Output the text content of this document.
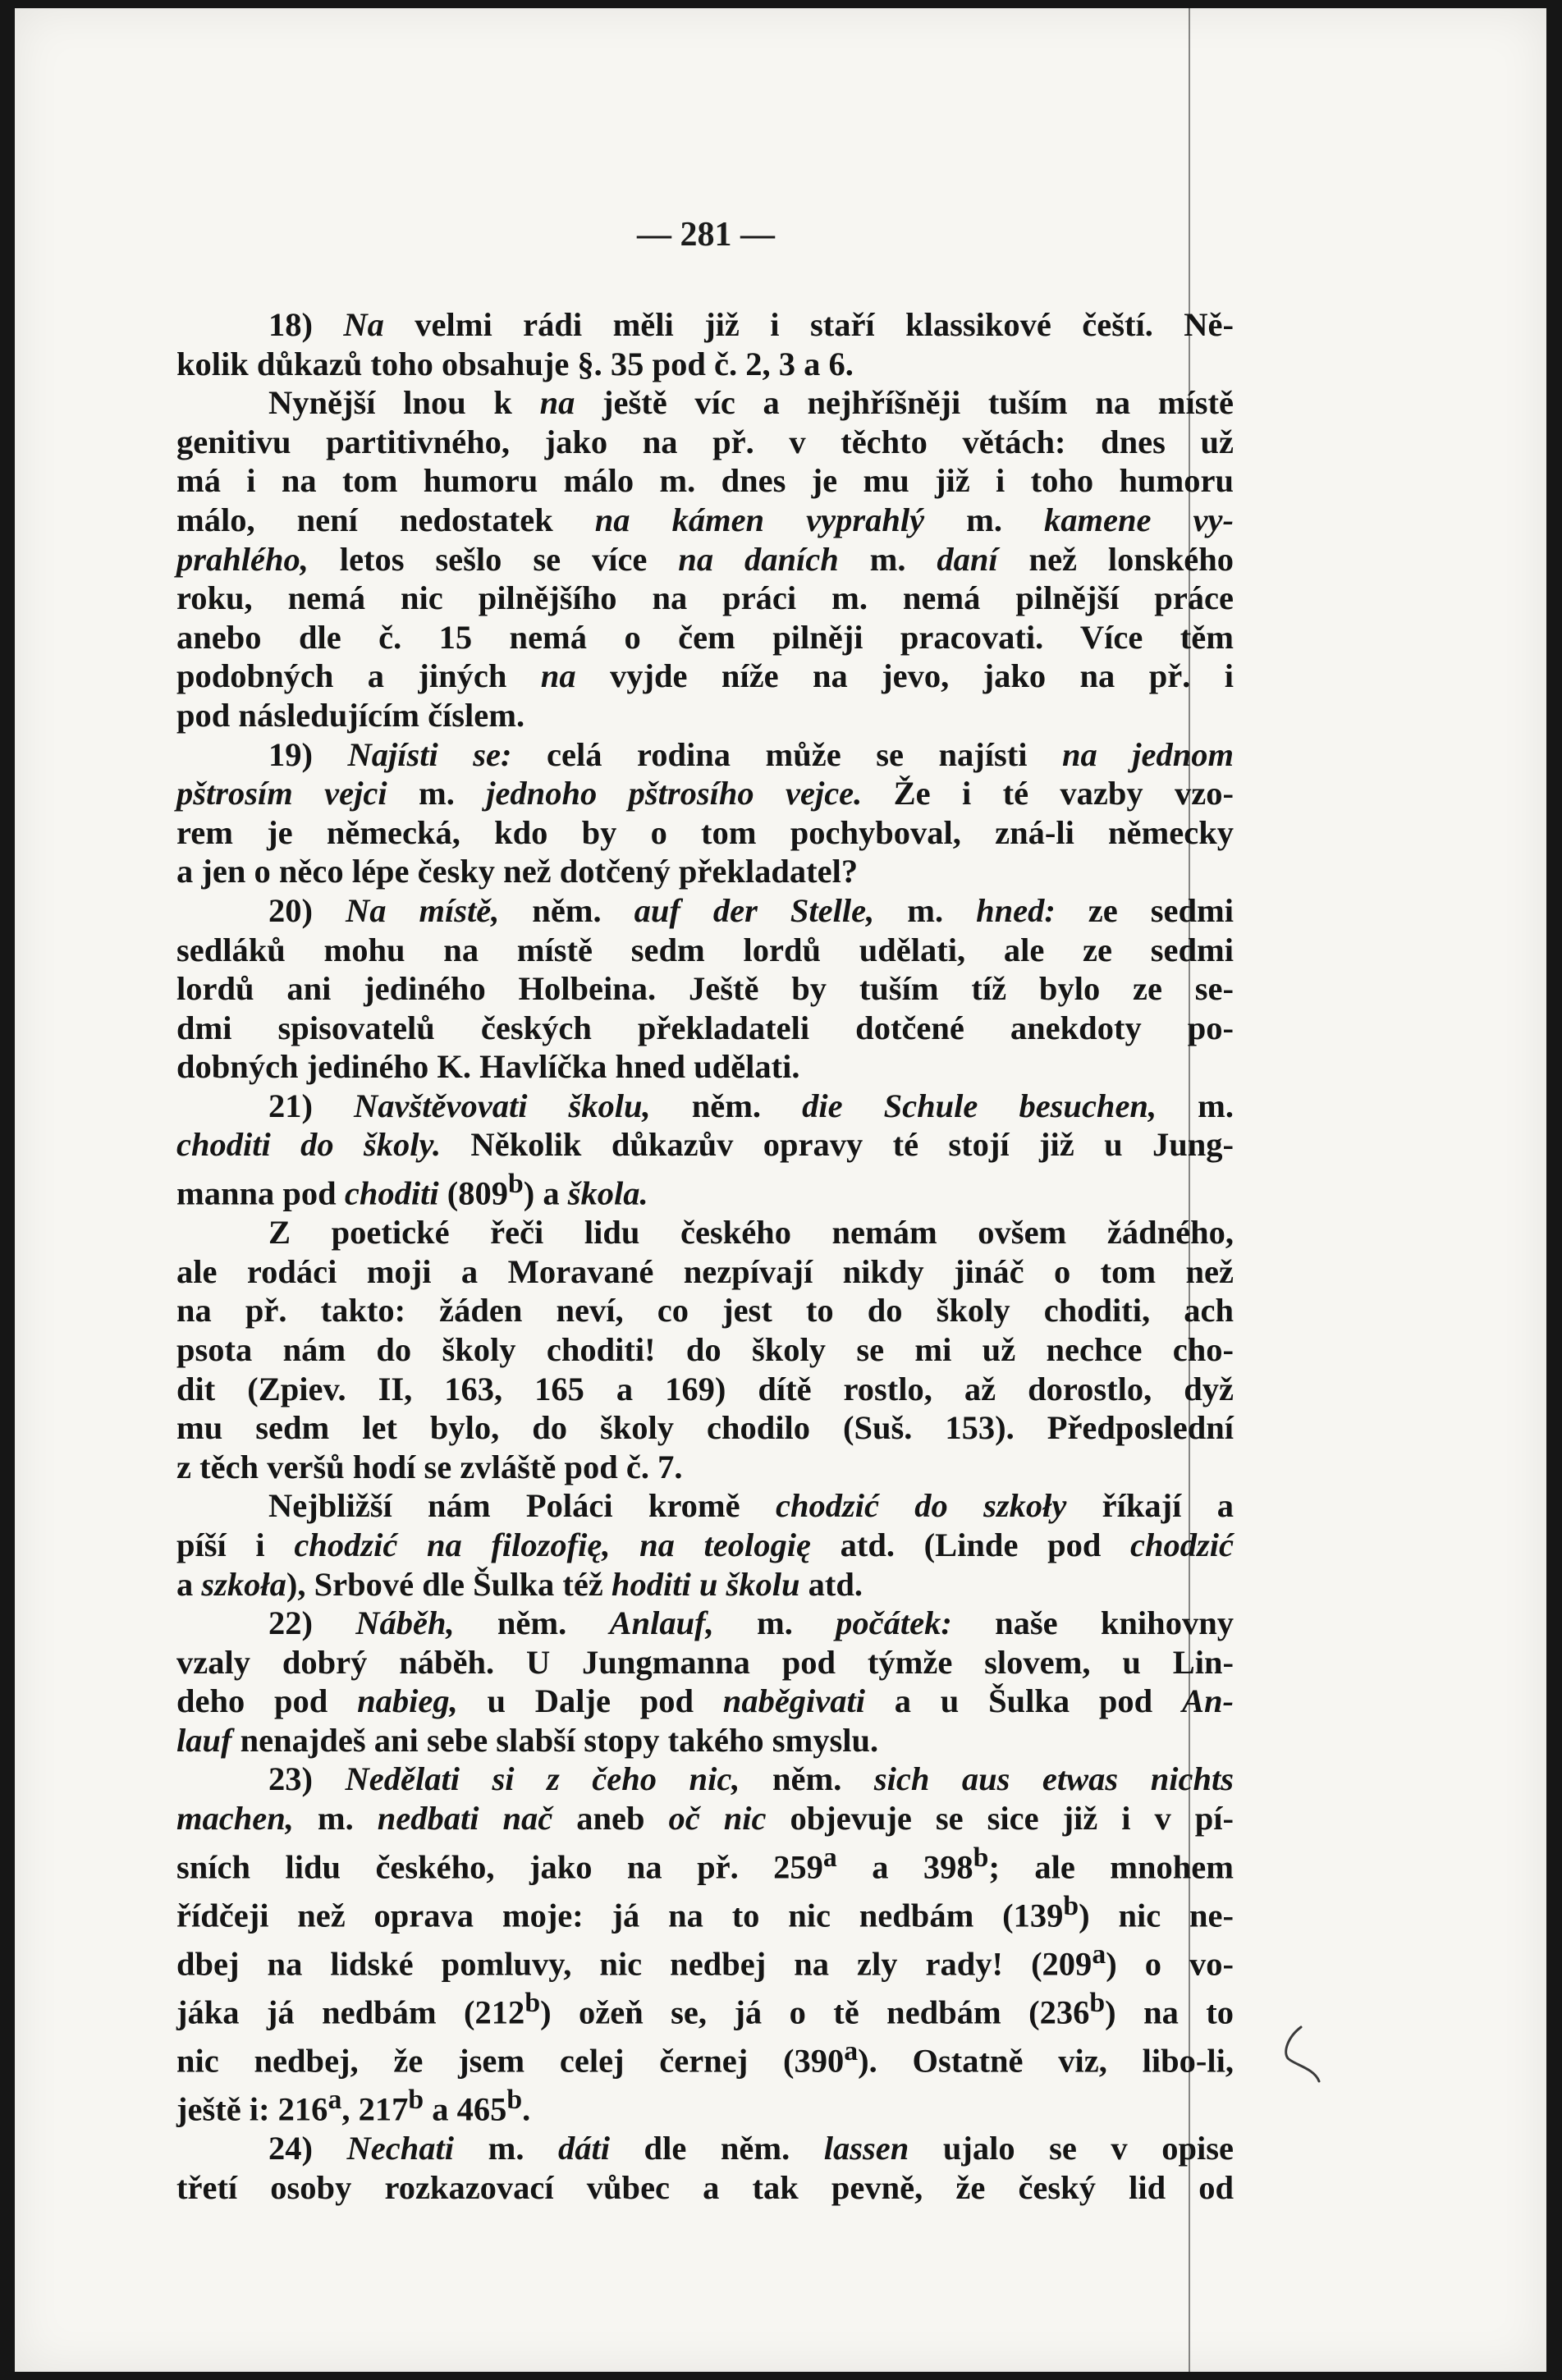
— 281 —
18) Na velmi rádi měli již i staří klassikové čeští. Ně-
kolik důkazů toho obsahuje §. 35 pod č. 2, 3 a 6.
Nynější lnou k na ještě víc a nejhříšněji tuším na místě
genitivu partitivného, jako na př. v těchto větách: dnes už
má i na tom humoru málo m. dnes je mu již i toho humoru
málo, není nedostatek na kámen vyprahlý m. kamene vy-
prahlého, letos sešlo se více na daních m. daní než lonského
roku, nemá nic pilnějšího na práci m. nemá pilnější práce
anebo dle č. 15 nemá o čem pilněji pracovati. Více těm
podobných a jiných na vyjde níže na jevo, jako na př. i
pod následujícím číslem.
19) Najísti se: celá rodina může se najísti na jednom
pštrosím vejci m. jednoho pštrosího vejce. Že i té vazby vzo-
rem je německá, kdo by o tom pochyboval, zná-li německy
a jen o něco lépe česky než dotčený překladatel?
20) Na místě, něm. auf der Stelle, m. hned: ze sedmi
sedláků mohu na místě sedm lordů udělati, ale ze sedmi
lordů ani jediného Holbeina. Ještě by tuším tíž bylo ze se-
dmi spisovatelů českých překladateli dotčené anekdoty po-
dobných jediného K. Havlíčka hned udělati.
21) Navštěvovati školu, něm. die Schule besuchen, m.
choditi do školy. Několik důkazův opravy té stojí již u Jung-
manna pod choditi (809$^b$) a škola.
Z poetické řeči lidu českého nemám ovšem žádného,
ale rodáci moji a Moravané nezpívají nikdy jináč o tom než
na př. takto: žáden neví, co jest to do školy choditi, ach
psota nám do školy choditi! do školy se mi už nechce cho-
dit (Zpiev. II, 163, 165 a 169) dítě rostlo, až dorostlo, dyž
mu sedm let bylo, do školy chodilo (Suš. 153). Předposlední
z těch veršů hodí se zvláště pod č. 7.
Nejbližší nám Poláci kromě chodzić do szkoły říkají a
píší i chodzić na filozofię, na teologię atd. (Linde pod chodzić
a szkoła), Srbové dle Šulka též hoditi u školu atd.
22) Náběh, něm. Anlauf, m. počátek: naše knihovny
vzaly dobrý náběh. U Jungmanna pod týmže slovem, u Lin-
deho pod nabieg, u Dalje pod naběgivati a u Šulka pod An-
lauf nenajdeš ani sebe slabší stopy takého smyslu.
23) Nedělati si z čeho nic, něm. sich aus etwas nichts
machen, m. nedbati nač aneb oč nic objevuje se sice již i v pí-
sních lidu českého, jako na př. 259$^a$ a 398$^b$; ale mnohem
řídčeji než oprava moje: já na to nic nedbám (139$^b$) nic ne-
dbej na lidské pomluvy, nic nedbej na zly rady! (209$^a$) o vo-
jáka já nedbám (212$^b$) ožeň se, já o tě nedbám (236$^b$) na to
nic nedbej, že jsem celej černej (390$^a$). Ostatně viz, libo-li,
ještě i: 216$^a$, 217$^b$ a 465$^b$.
24) Nechati m. dáti dle něm. lassen ujalo se v opise
třetí osoby rozkazovací vůbec a tak pevně, že český lid od
